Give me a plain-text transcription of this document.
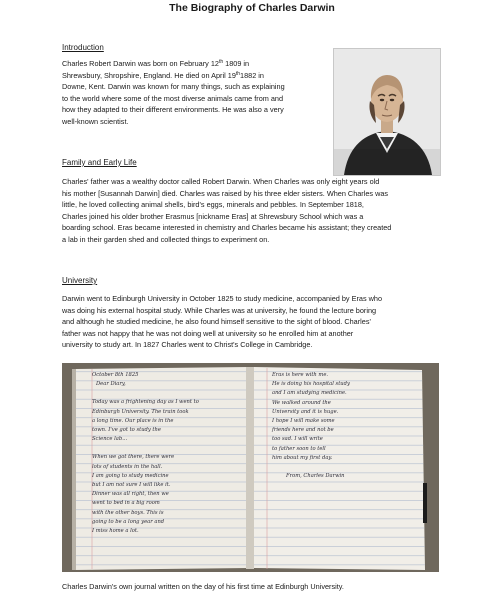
The Biography of Charles Darwin
Introduction
Charles Robert Darwin was born on February 12th 1809 in
Shrewsbury, Shropshire, England. He died on April 19th1882 in
Downe, Kent. Darwin was known for many things, such as explaining
to the world where some of the most diverse animals came from and
how they adapted to their different environments. He was also a very
well-known scientist.
Family and Early Life
Charles' father was a wealthy doctor called Robert Darwin. When Charles was only eight years old
his mother [Susannah Darwin] died. Charles was raised by his three elder sisters. When Charles was
little, he loved collecting animal shells, bird's eggs, minerals and pebbles. In September 1818,
Charles joined his older brother Erasmus [nickname Eras] at Shrewsbury School which was a
boarding school. Eras became interested in chemistry and Charles became his assistant; they created
a lab in their garden shed and collected things to experiment on.
University
Darwin went to Edinburgh University in October 1825 to study medicine, accompanied by Eras who
was doing his external hospital study. While Charles was at university, he found the lecture boring
and although he studied medicine, he also found himself sensitive to the sight of blood. Charles'
father was not happy that he was not doing well at university so he enrolled him at another
university to study art. In 1827 Charles went to Christ's College in Cambridge.
October 8th 1825
Dear Diary,
Today was a frightening day as I went to
Edinburgh University. The train took
a long time. Our place is in the
town. I've got to study the
Science lab...
When we got there, there were
lots of students in the hall.
I am going to study medicine
but I am not sure I will like it.
Dinner was all right, then we
went to bed in a big room
with the other boys. This is
going to be a long year and
I miss home a lot.
Eras is here with me.
He is doing his hospital study
and I am studying medicine.
We walked around the
University and it is huge.
I hope I will make some
friends here and not be
too sad. I will write
to father soon to tell
him about my first day.
From, Charles Darwin
Charles Darwin's own journal written on the day of his first time at Edinburgh University.
